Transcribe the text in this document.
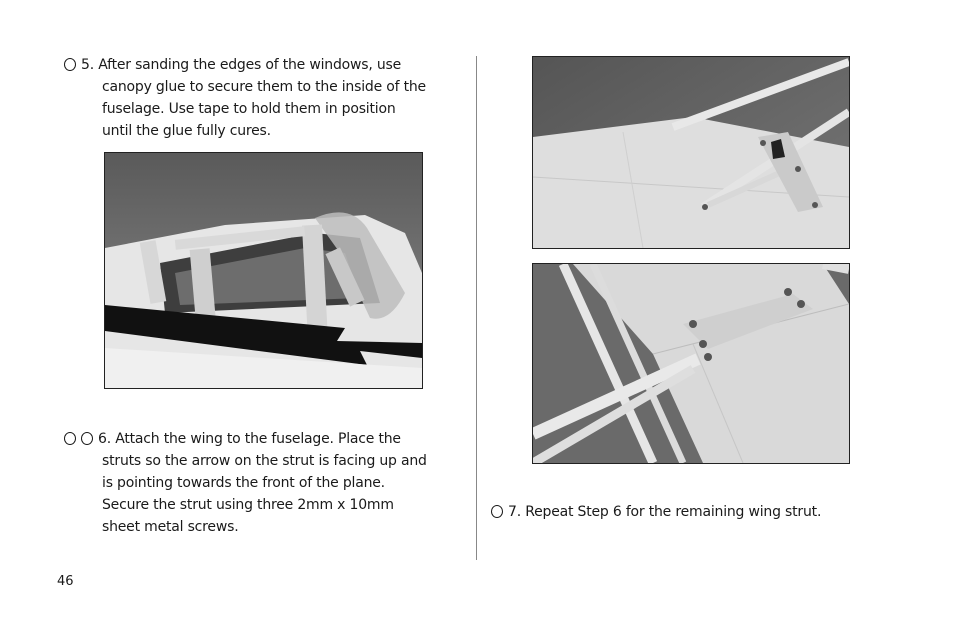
5. After sanding the edges of the windows, use
canopy glue to secure them to the inside of the fuselage. Use tape to hold them in position until the glue fully cures.
6. Attach the wing to the fuselage. Place the
struts so the arrow on the strut is facing up and is pointing towards the front of the plane. Secure the strut using three 2mm x 10mm sheet metal screws.
7. Repeat Step 6 for the remaining wing strut.
46
